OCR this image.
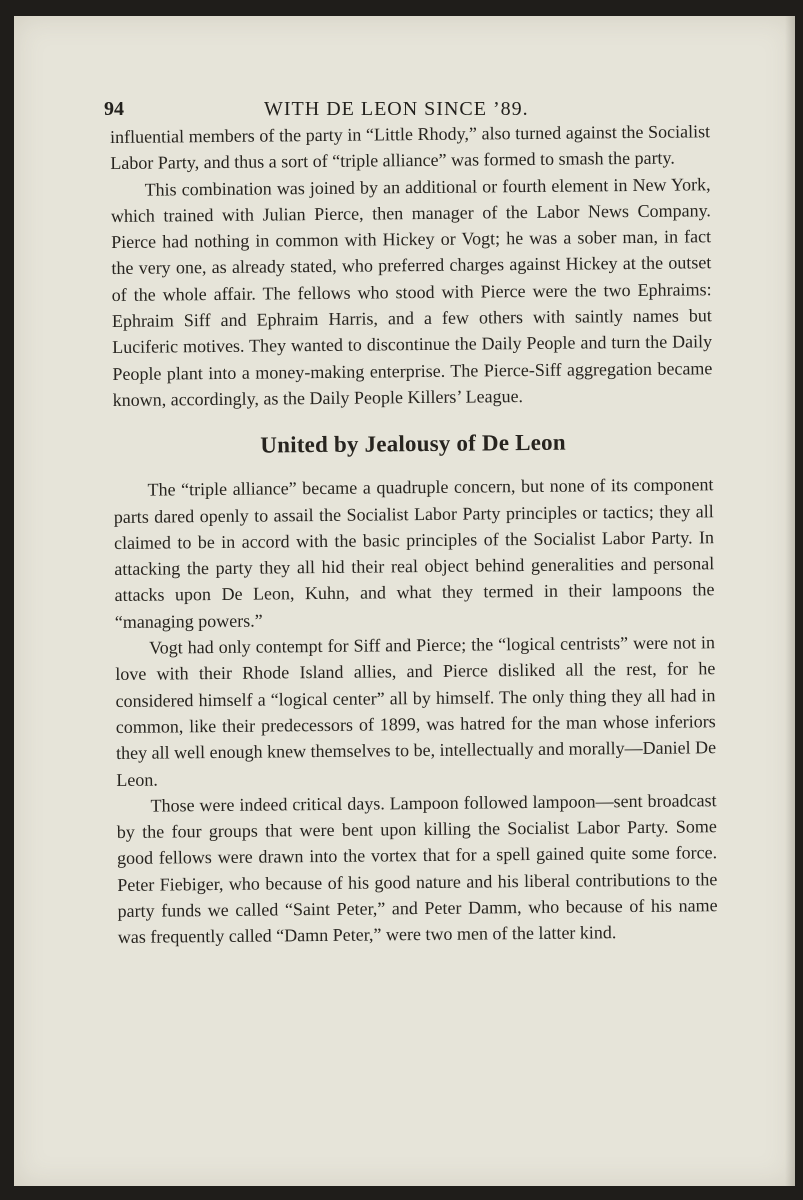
94	WITH DE LEON SINCE ’89.

influential members of the party in “Little Rhody,” also turned against the Socialist Labor Party, and thus a sort of “triple alliance” was formed to smash the party.

This combination was joined by an additional or fourth element in New York, which trained with Julian Pierce, then manager of the Labor News Company. Pierce had nothing in common with Hickey or Vogt; he was a sober man, in fact the very one, as already stated, who preferred charges against Hickey at the outset of the whole affair. The fellows who stood with Pierce were the two Ephraims: Ephraim Siff and Ephraim Harris, and a few others with saintly names but Luciferic motives. They wanted to discontinue the Daily People and turn the Daily People plant into a money-making enterprise. The Pierce-Siff aggregation became known, accordingly, as the Daily People Killers’ League.

United by Jealousy of De Leon

The “triple alliance” became a quadruple concern, but none of its component parts dared openly to assail the Socialist Labor Party principles or tactics; they all claimed to be in accord with the basic principles of the Socialist Labor Party. In attacking the party they all hid their real object behind generalities and personal attacks upon De Leon, Kuhn, and what they termed in their lampoons the “managing powers.”

Vogt had only contempt for Siff and Pierce; the “logical centrists” were not in love with their Rhode Island allies, and Pierce disliked all the rest, for he considered himself a “logical center” all by himself. The only thing they all had in common, like their predecessors of 1899, was hatred for the man whose inferiors they all well enough knew themselves to be, intellectually and morally—Daniel De Leon.

Those were indeed critical days. Lampoon followed lampoon—sent broadcast by the four groups that were bent upon killing the Socialist Labor Party. Some good fellows were drawn into the vortex that for a spell gained quite some force. Peter Fiebiger, who because of his good nature and his liberal contributions to the party funds we called “Saint Peter,” and Peter Damm, who because of his name was frequently called “Damn Peter,” were two men of the latter kind.
